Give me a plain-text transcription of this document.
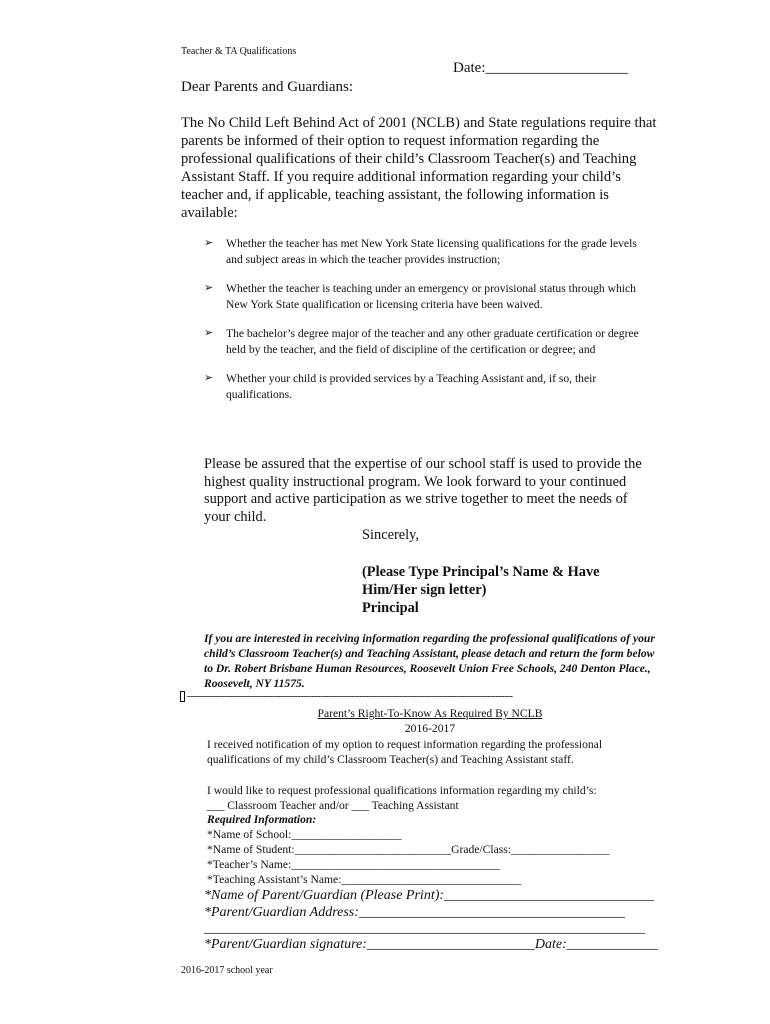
Teacher & TA Qualifications
Date:___________________
Dear Parents and Guardians:
The No Child Left Behind Act of 2001 (NCLB) and State regulations require that parents be informed of their option to request information regarding the professional qualifications of their child’s Classroom Teacher(s) and Teaching Assistant Staff. If you require additional information regarding your child’s teacher and, if applicable, teaching assistant, the following information is available:
➢ Whether the teacher has met New York State licensing qualifications for the grade levels and subject areas in which the teacher provides instruction;
➢ Whether the teacher is teaching under an emergency or provisional status through which New York State qualification or licensing criteria have been waived.
➢ The bachelor’s degree major of the teacher and any other graduate certification or degree held by the teacher, and the field of discipline of the certification or degree; and
➢ Whether your child is provided services by a Teaching Assistant and, if so, their qualifications.
Please be assured that the expertise of our school staff is used to provide the highest quality instructional program. We look forward to your continued support and active participation as we strive together to meet the needs of your child.
Sincerely,
(Please Type Principal’s Name & Have
Him/Her sign letter)
Principal
If you are interested in receiving information regarding the professional qualifications of your child’s Classroom Teacher(s) and Teaching Assistant, please detach and return the form below to Dr. Robert Brisbane Human Resources, Roosevelt Union Free Schools, 240 Denton Place., Roosevelt, NY 11575.
-------------------------------------------------------------------------------------------------------------------
Parent’s Right-To-Know As Required By NCLB
2016-2017
I received notification of my option to request information regarding the professional qualifications of my child’s Classroom Teacher(s) and Teaching Assistant staff.
I would like to request professional qualifications information regarding my child’s:
___ Classroom Teacher and/or ___ Teaching Assistant
Required Information:
*Name of School:___________________
*Name of Student:___________________________Grade/Class:_________________
*Teacher’s Name:____________________________________
*Teaching Assistant’s Name:_______________________________
*Name of Parent/Guardian (Please Print):______________________________
*Parent/Guardian Address:______________________________________
_______________________________________________________________
*Parent/Guardian signature:________________________Date:_____________
2016-2017 school year
